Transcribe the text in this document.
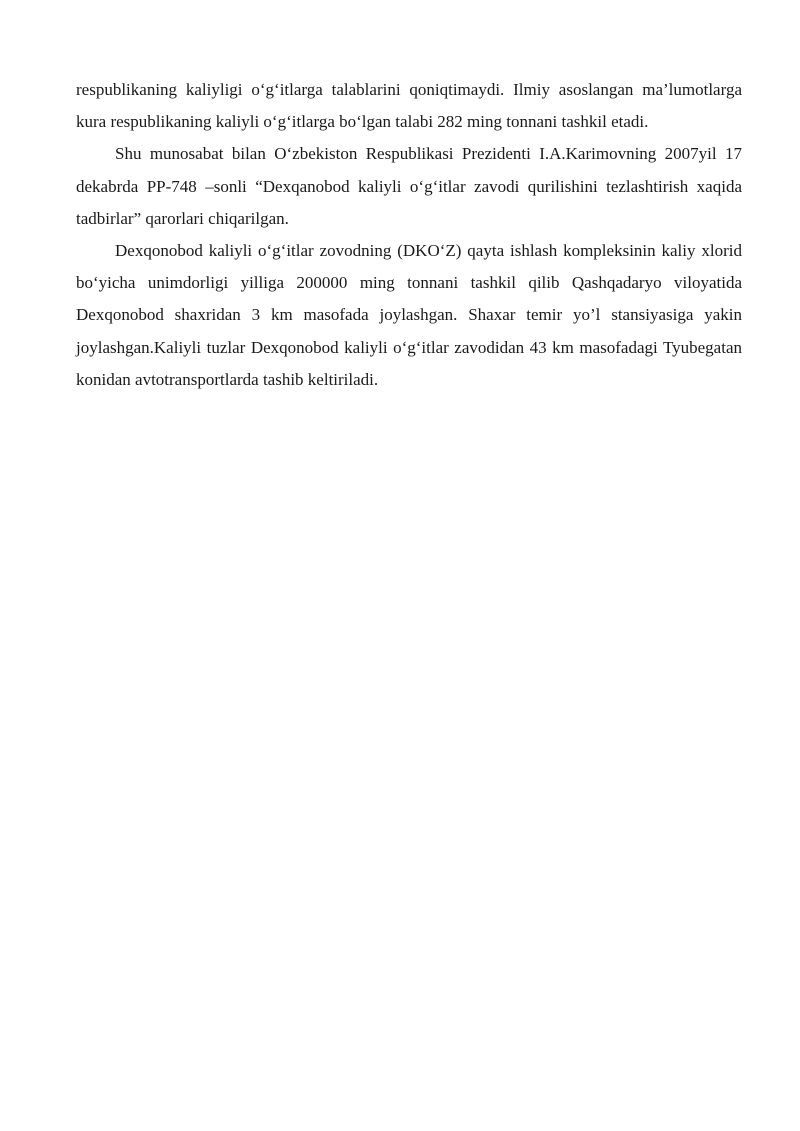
respublikaning kaliyligi o‘g‘itlarga talablarini qoniqtimaydi. Ilmiy asoslangan ma’lumotlarga kura respublikaning kaliyli o‘g‘itlarga bo‘lgan talabi 282 ming tonnani tashkil etadi.

Shu munosabat bilan O‘zbekiston Respublikasi Prezidenti I.A.Karimovning 2007yil 17 dekabrda PP-748 –sonli “Dexqanobod kaliyli o‘g‘itlar zavodi qurilishini tezlashtirish xaqida tadbirlar” qarorlari chiqarilgan.

Dexqonobod kaliyli o‘g‘itlar zovodning (DKO‘Z) qayta ishlash kompleksinin kaliy xlorid bo‘yicha unimdorligi yilliga 200000 ming tonnani tashkil qilib Qashqadaryo viloyatida Dexqonobod shaxridan 3 km masofada joylashgan. Shaxar temir yo’l stansiyasiga yakin joylashgan.Kaliyli tuzlar Dexqonobod kaliyli o‘g‘itlar zavodidan 43 km masofadagi Tyubegatan konidan avtotransportlarda tashib keltiriladi.
